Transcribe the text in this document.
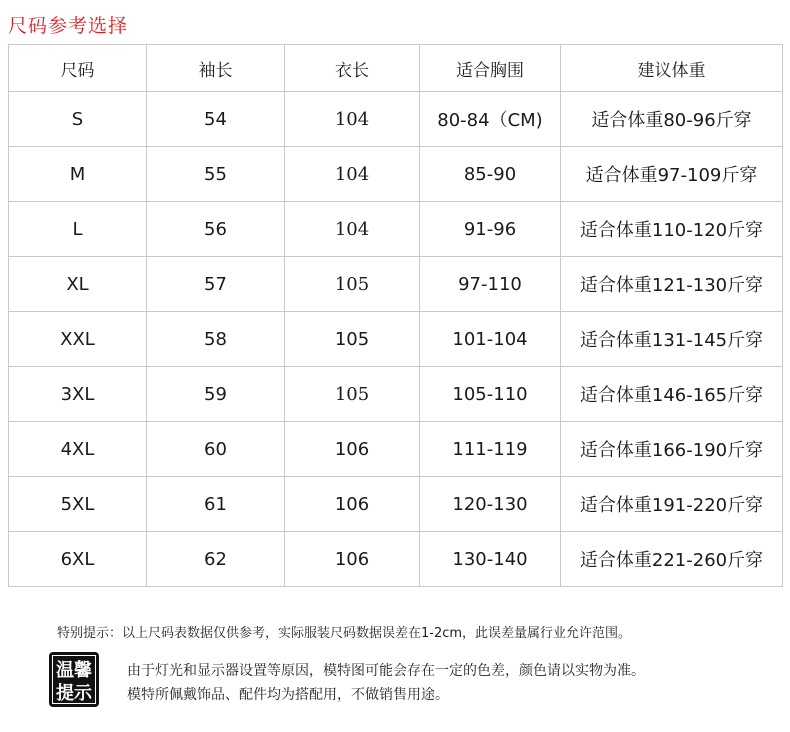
尺码参考选择
尺码	袖长	衣长	适合胸围	建议体重
S	54	104	80-84（CM)	适合体重80-96斤穿
M	55	104	85-90	适合体重97-109斤穿
L	56	104	91-96	适合体重110-120斤穿
XL	57	105	97-110	适合体重121-130斤穿
XXL	58	105	101-104	适合体重131-145斤穿
3XL	59	105	105-110	适合体重146-165斤穿
4XL	60	106	111-119	适合体重166-190斤穿
5XL	61	106	120-130	适合体重191-220斤穿
6XL	62	106	130-140	适合体重221-260斤穿
特别提示：以上尺码表数据仅供参考，实际服装尺码数据误差在1-2cm，此误差量属行业允许范围。
温馨
提示
由于灯光和显示器设置等原因，模特图可能会存在一定的色差，颜色请以实物为准。
模特所佩戴饰品、配件均为搭配用，不做销售用途。
